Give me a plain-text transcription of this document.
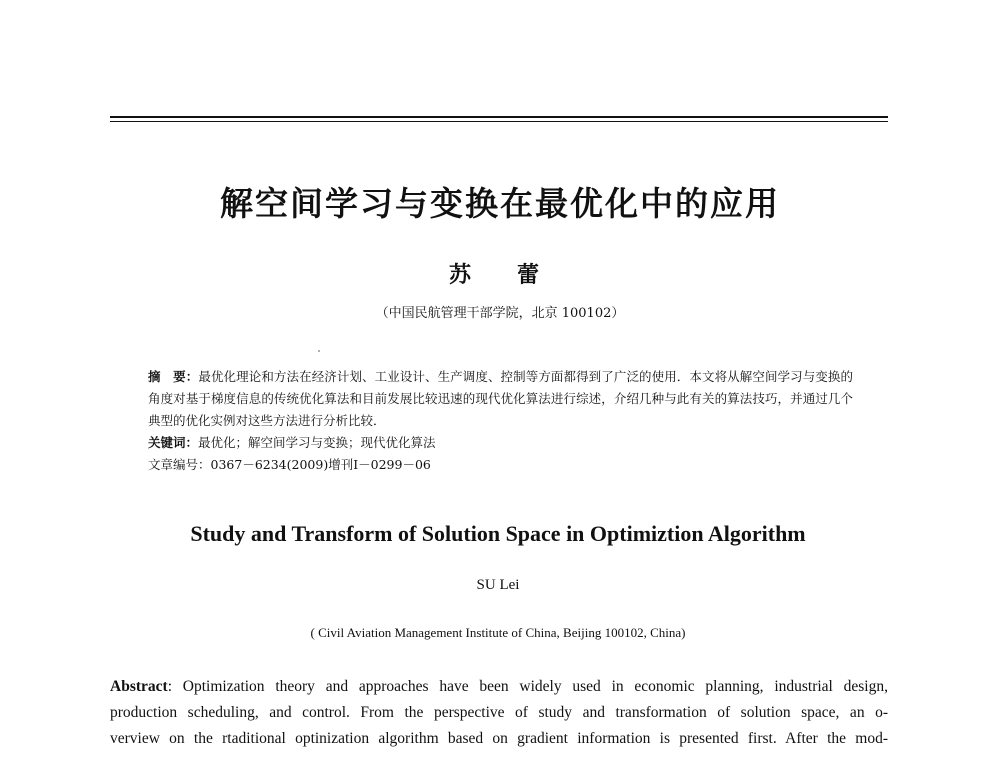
解空间学习与变换在最优化中的应用
苏　蕾
（中国民航管理干部学院，北京 100102）
摘　要：最优化理论和方法在经济计划、工业设计、生产调度、控制等方面都得到了广泛的使用．本文将从解空间学习与变换的角度对基于梯度信息的传统优化算法和目前发展比较迅速的现代优化算法进行综述，介绍几种与此有关的算法技巧，并通过几个典型的优化实例对这些方法进行分析比较．
关键词：最优化；解空间学习与变换；现代优化算法
文章编号：0367－6234(2009)增刊Ⅰ－0299－06
Study and Transform of Solution Space in Optimiztion Algorithm
SU Lei
( Civil Aviation Management Institute of China, Beijing 100102, China)
Abstract: Optimization theory and approaches have been widely used in economic planning, industrial design,
production scheduling, and control. From the perspective of study and transformation of solution space, an o-
verview on the rtaditional optinization algorithm based on gradient information is presented first. After the mod-
